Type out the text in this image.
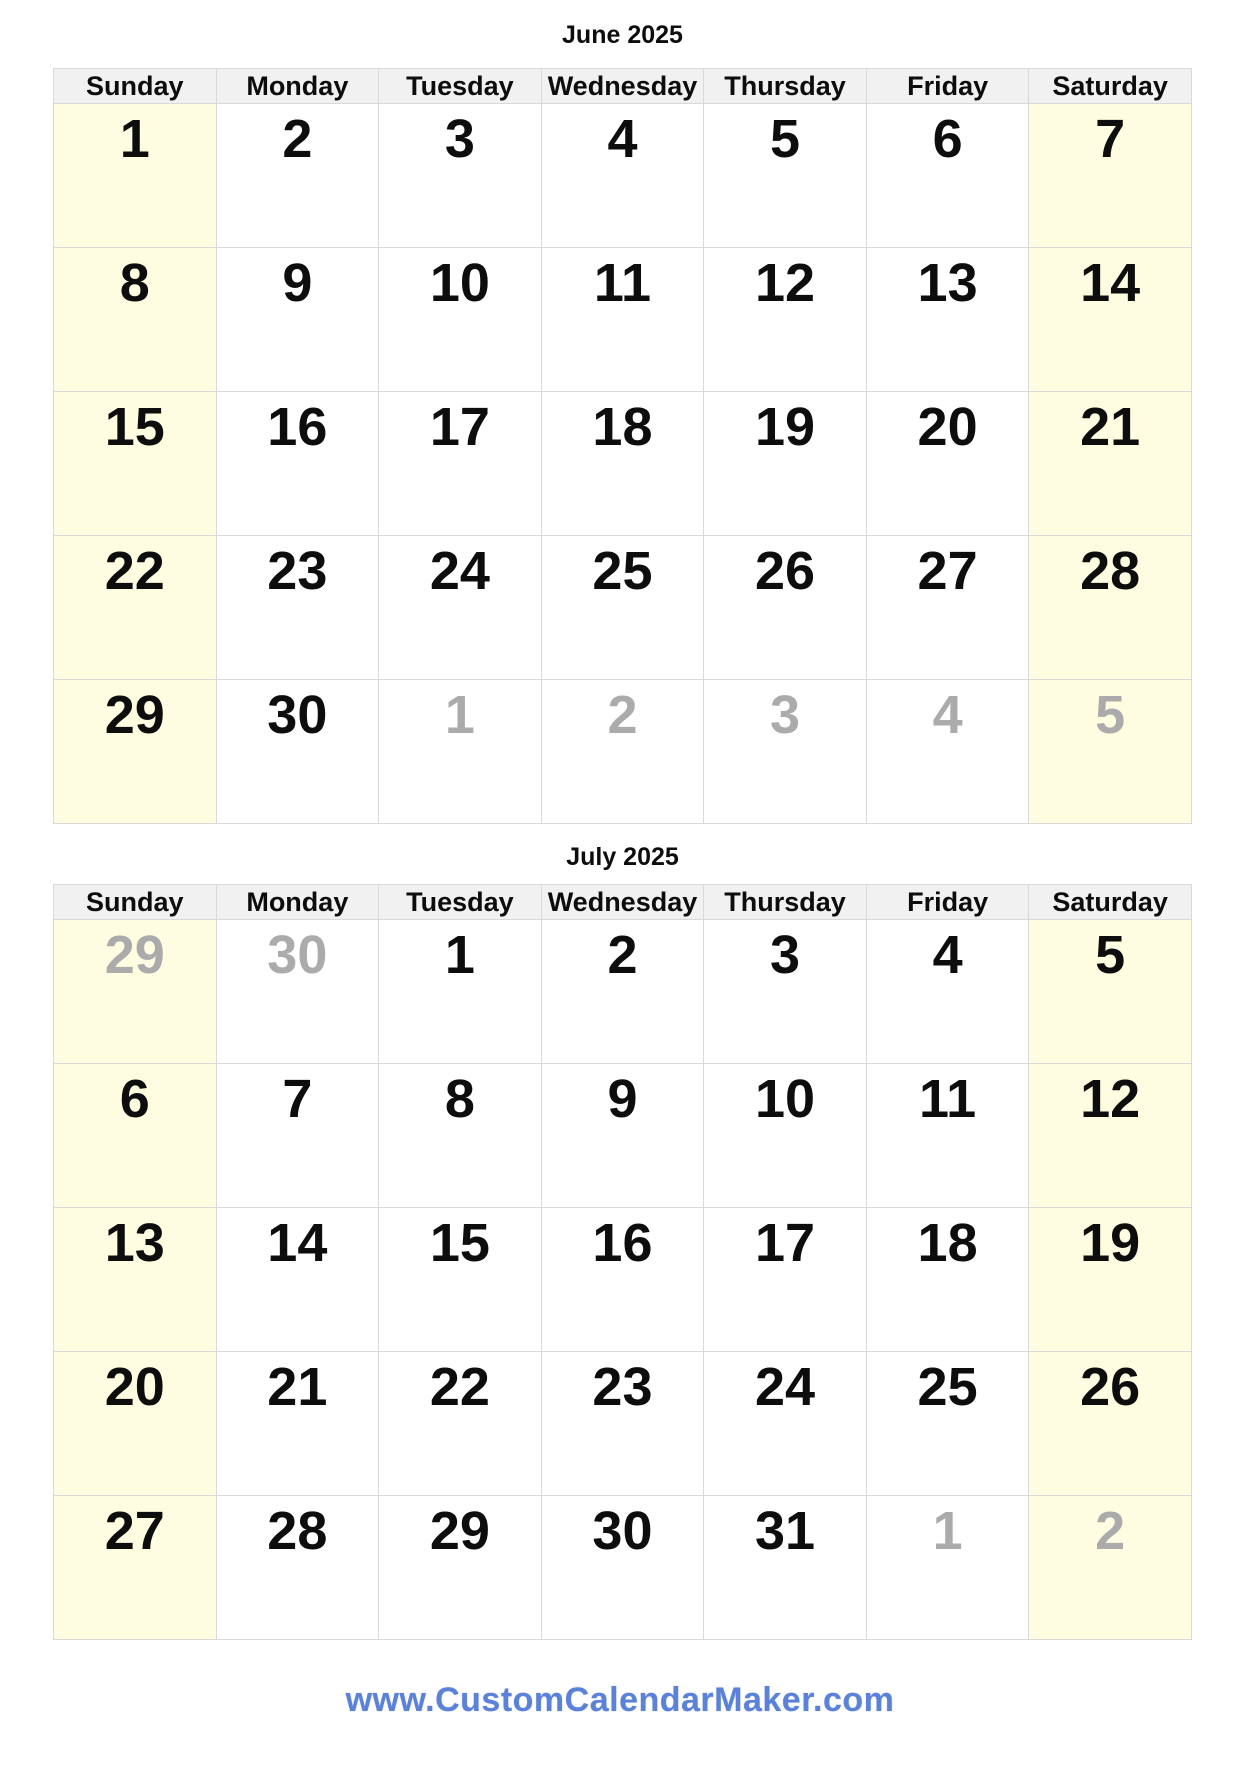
June 2025
Sunday	Monday	Tuesday	Wednesday	Thursday	Friday	Saturday
1	2	3	4	5	6	7
8	9	10	11	12	13	14
15	16	17	18	19	20	21
22	23	24	25	26	27	28
29	30	1	2	3	4	5
July 2025
Sunday	Monday	Tuesday	Wednesday	Thursday	Friday	Saturday
29	30	1	2	3	4	5
6	7	8	9	10	11	12
13	14	15	16	17	18	19
20	21	22	23	24	25	26
27	28	29	30	31	1	2
www.CustomCalendarMaker.com
